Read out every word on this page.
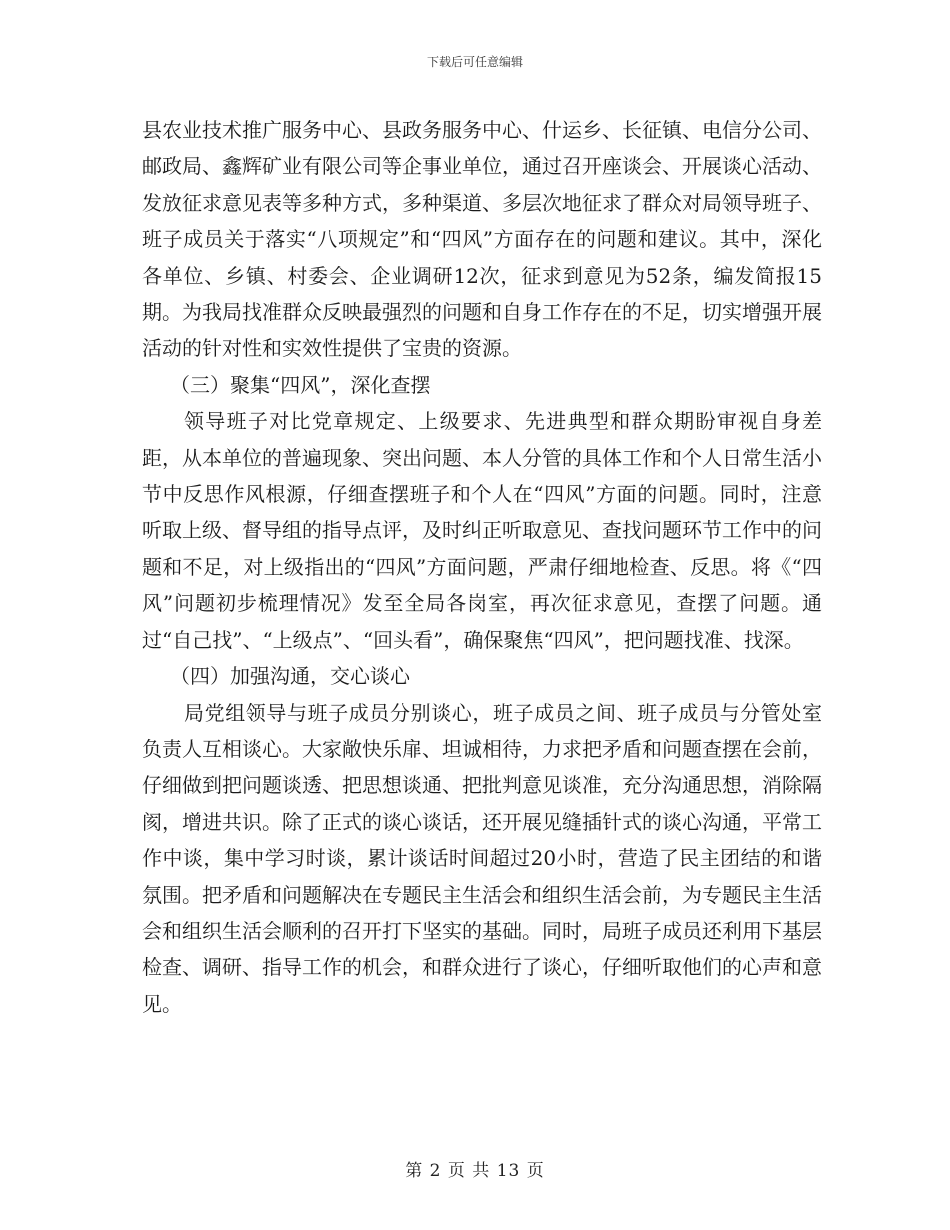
下载后可任意编辑

县农业技术推广服务中心、县政务服务中心、什运乡、长征镇、电信分公司、邮政局、鑫辉矿业有限公司等企事业单位，通过召开座谈会、开展谈心活动、发放征求意见表等多种方式，多种渠道、多层次地征求了群众对局领导班子、班子成员关于落实“八项规定”和“四风”方面存在的问题和建议。其中，深化各单位、乡镇、村委会、企业调研12次，征求到意见为52条，编发简报15期。为我局找准群众反映最强烈的问题和自身工作存在的不足，切实增强开展活动的针对性和实效性提供了宝贵的资源。

（三）聚集“四风”，深化查摆

领导班子对比党章规定、上级要求、先进典型和群众期盼审视自身差距，从本单位的普遍现象、突出问题、本人分管的具体工作和个人日常生活小节中反思作风根源，仔细查摆班子和个人在“四风”方面的问题。同时，注意听取上级、督导组的指导点评，及时纠正听取意见、查找问题环节工作中的问题和不足，对上级指出的“四风”方面问题，严肃仔细地检查、反思。将《“四风”问题初步梳理情况》发至全局各岗室，再次征求意见，查摆了问题。通过“自己找”、“上级点”、“回头看”，确保聚焦“四风”，把问题找准、找深。

（四）加强沟通，交心谈心

局党组领导与班子成员分别谈心，班子成员之间、班子成员与分管处室负责人互相谈心。大家敞快乐扉、坦诚相待，力求把矛盾和问题查摆在会前，仔细做到把问题谈透、把思想谈通、把批判意见谈准，充分沟通思想，消除隔阂，增进共识。除了正式的谈心谈话，还开展见缝插针式的谈心沟通，平常工作中谈，集中学习时谈，累计谈话时间超过20小时，营造了民主团结的和谐氛围。把矛盾和问题解决在专题民主生活会和组织生活会前，为专题民主生活会和组织生活会顺利的召开打下坚实的基础。同时，局班子成员还利用下基层检查、调研、指导工作的机会，和群众进行了谈心，仔细听取他们的心声和意见。

第 2 页 共 13 页
